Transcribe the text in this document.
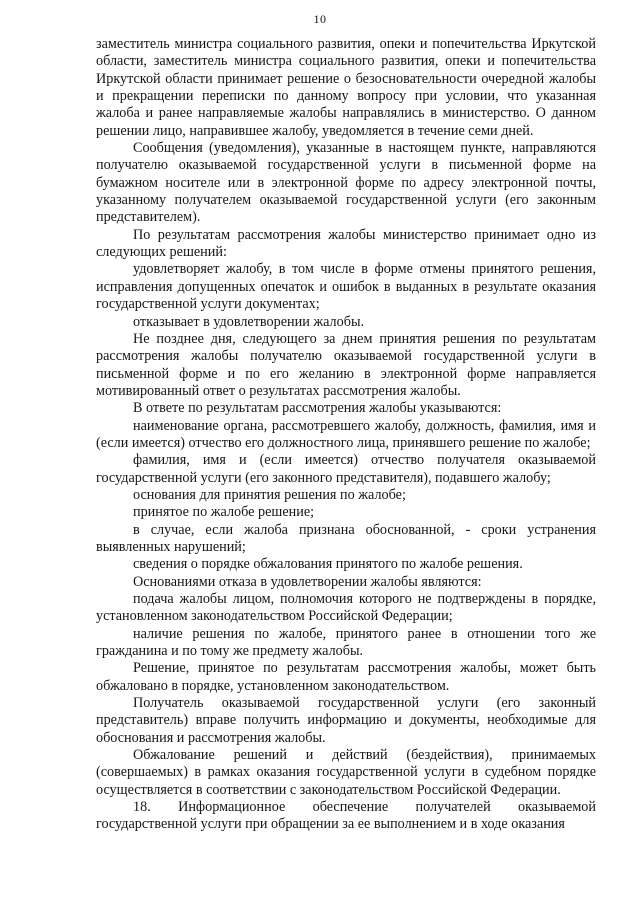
10

заместитель министра социального развития, опеки и попечительства Иркутской области, заместитель министра социального развития, опеки и попечительства Иркутской области принимает решение о безосновательности очередной жалобы и прекращении переписки по данному вопросу при условии, что указанная жалоба и ранее направляемые жалобы направлялись в министерство. О данном решении лицо, направившее жалобу, уведомляется в течение семи дней.

Сообщения (уведомления), указанные в настоящем пункте, направляются получателю оказываемой государственной услуги в письменной форме на бумажном носителе или в электронной форме по адресу электронной почты, указанному получателем оказываемой государственной услуги (его законным представителем).

По результатам рассмотрения жалобы министерство принимает одно из следующих решений:

удовлетворяет жалобу, в том числе в форме отмены принятого решения, исправления допущенных опечаток и ошибок в выданных в результате оказания государственной услуги документах;

отказывает в удовлетворении жалобы.

Не позднее дня, следующего за днем принятия решения по результатам рассмотрения жалобы получателю оказываемой государственной услуги в письменной форме и по его желанию в электронной форме направляется мотивированный ответ о результатах рассмотрения жалобы.

В ответе по результатам рассмотрения жалобы указываются:

наименование органа, рассмотревшего жалобу, должность, фамилия, имя и (если имеется) отчество его должностного лица, принявшего решение по жалобе;

фамилия, имя и (если имеется) отчество получателя оказываемой государственной услуги (его законного представителя), подавшего жалобу;

основания для принятия решения по жалобе;

принятое по жалобе решение;

в случае, если жалоба признана обоснованной, - сроки устранения выявленных нарушений;

сведения о порядке обжалования принятого по жалобе решения.

Основаниями отказа в удовлетворении жалобы являются:

подача жалобы лицом, полномочия которого не подтверждены в порядке, установленном законодательством Российской Федерации;

наличие решения по жалобе, принятого ранее в отношении того же гражданина и по тому же предмету жалобы.

Решение, принятое по результатам рассмотрения жалобы, может быть обжаловано в порядке, установленном законодательством.

Получатель оказываемой государственной услуги (его законный представитель) вправе получить информацию и документы, необходимые для обоснования и рассмотрения жалобы.

Обжалование решений и действий (бездействия), принимаемых (совершаемых) в рамках оказания государственной услуги в судебном порядке осуществляется в соответствии с законодательством Российской Федерации.

18. Информационное обеспечение получателей оказываемой государственной услуги при обращении за ее выполнением и в ходе оказания
